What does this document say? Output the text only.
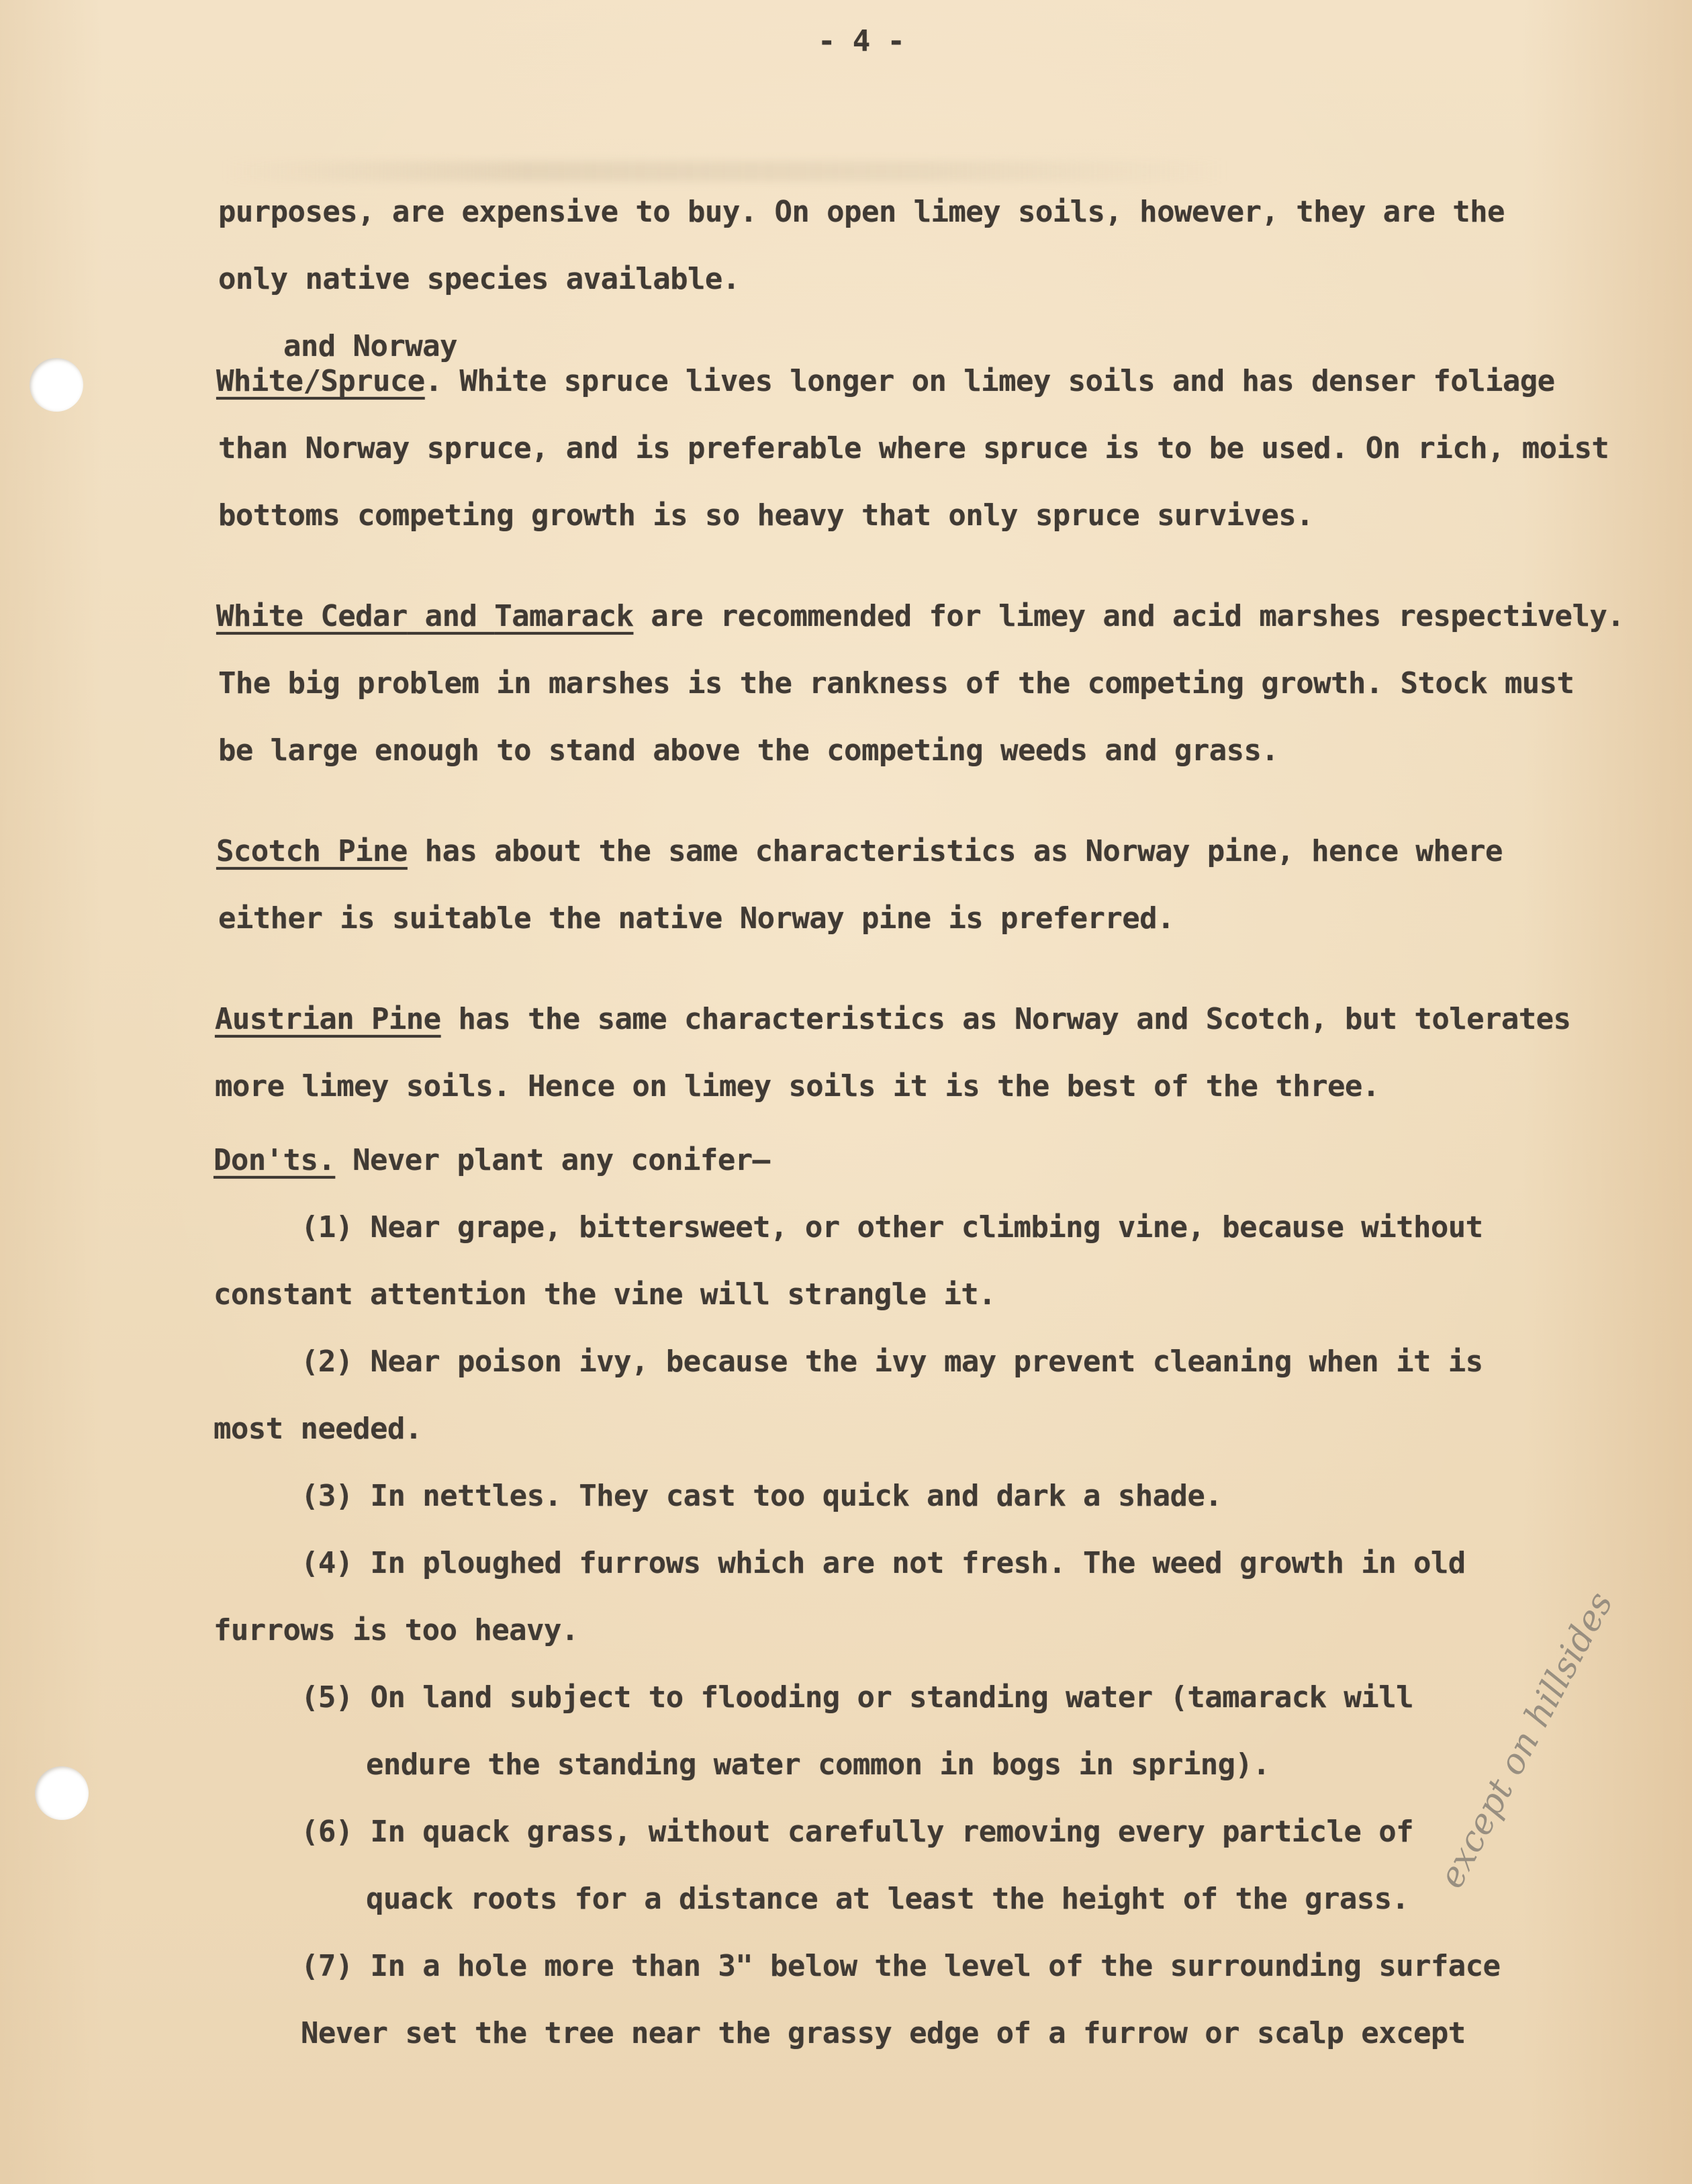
- 4 -
purposes, are expensive to buy. On open limey soils, however, they are the
only native species available.
and Norway
White/Spruce. White spruce lives longer on limey soils and has denser foliage
than Norway spruce, and is preferable where spruce is to be used. On rich, moist
bottoms competing growth is so heavy that only spruce survives.
White Cedar and Tamarack are recommended for limey and acid marshes respectively.
The big problem in marshes is the rankness of the competing growth. Stock must
be large enough to stand above the competing weeds and grass.
Scotch Pine has about the same characteristics as Norway pine, hence where
either is suitable the native Norway pine is preferred.
Austrian Pine has the same characteristics as Norway and Scotch, but tolerates
more limey soils. Hence on limey soils it is the best of the three.
Don'ts. Never plant any conifer—
(1) Near grape, bittersweet, or other climbing vine, because without
constant attention the vine will strangle it.
(2) Near poison ivy, because the ivy may prevent cleaning when it is
most needed.
(3) In nettles. They cast too quick and dark a shade.
(4) In ploughed furrows which are not fresh. The weed growth in old
furrows is too heavy.
(5) On land subject to flooding or standing water (tamarack will
endure the standing water common in bogs in spring).
(6) In quack grass, without carefully removing every particle of
quack roots for a distance at least the height of the grass.
(7) In a hole more than 3" below the level of the surrounding surface
Never set the tree near the grassy edge of a furrow or scalp except
except on hillsides
